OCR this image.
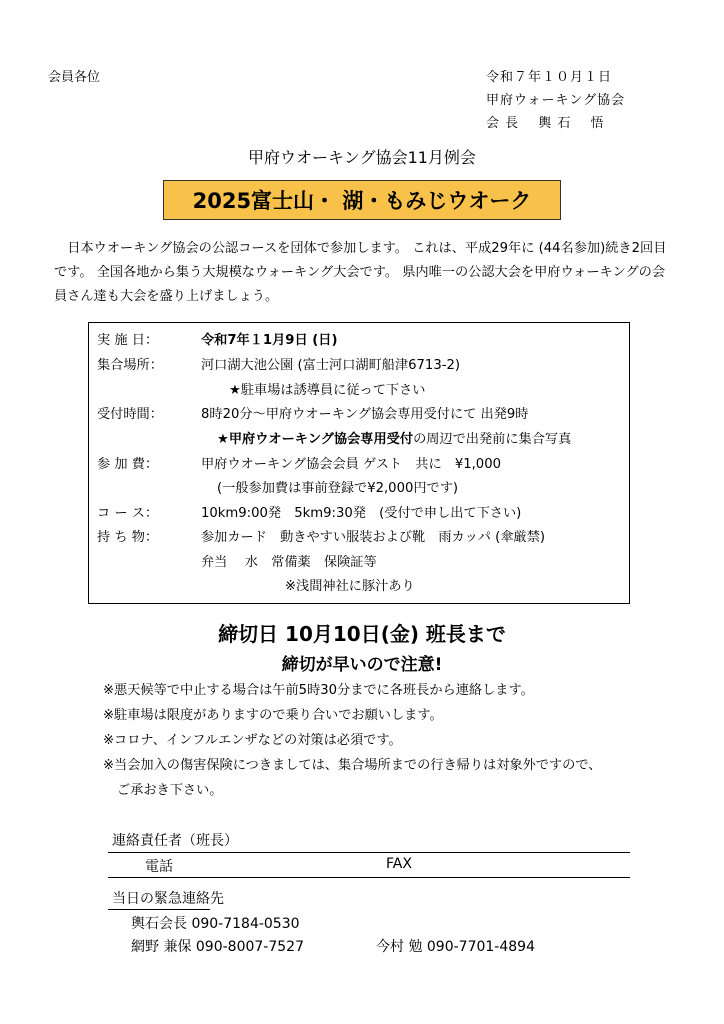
会員各位	令和７年１０月１日
甲府ウォーキング協会
会 長　 輿 石　 悟
甲府ウオーキング協会11月例会
2025富士山・ 湖・もみじウオーク
　日本ウオーキング協会の公認コースを団体で参加します。 これは、平成29年に (44名参加)続き2回目です。 全国各地から集う大規模なウォーキング大会です。 県内唯一の公認大会を甲府ウォーキングの会員さん達も大会を盛り上げましょう。
実 施 日：	令和7年１1月9日 (日)
集合場所：	河口湖大池公園 (富士河口湖町船津6713-2)
★駐車場は誘導員に従って下さい
受付時間：	8時20分～甲府ウオーキング協会専用受付にて 出発9時
★甲府ウオーキング協会専用受付の周辺で出発前に集合写真
参 加 費：	甲府ウオーキング協会会員 ゲスト　共に　¥1,000
(一般参加費は事前登録で¥2,000円です)
コ ー ス：	10km9:00発　5km9:30発　(受付で申し出て下さい)
持 ち 物：	参加カード　動きやすい服装および靴　雨カッパ (傘厳禁)
弁当　 水　常備薬　保険証等
※浅間神社に豚汁あり
締切日 10月10日(金) 班長まで
締切が早いので注意!
※悪天候等で中止する場合は午前5時30分までに各班長から連絡します。
※駐車場は限度がありますので乗り合いでお願いします。
※コロナ、インフルエンザなどの対策は必須です。
※当会加入の傷害保険につきましては、集合場所までの行き帰りは対象外ですので、
ご承おき下さい。
連絡責任者（班長）
電話	FAX
当日の緊急連絡先
輿石会長 090-7184-0530
網野 兼保 090-8007-7527	今村 勉 090-7701-4894
